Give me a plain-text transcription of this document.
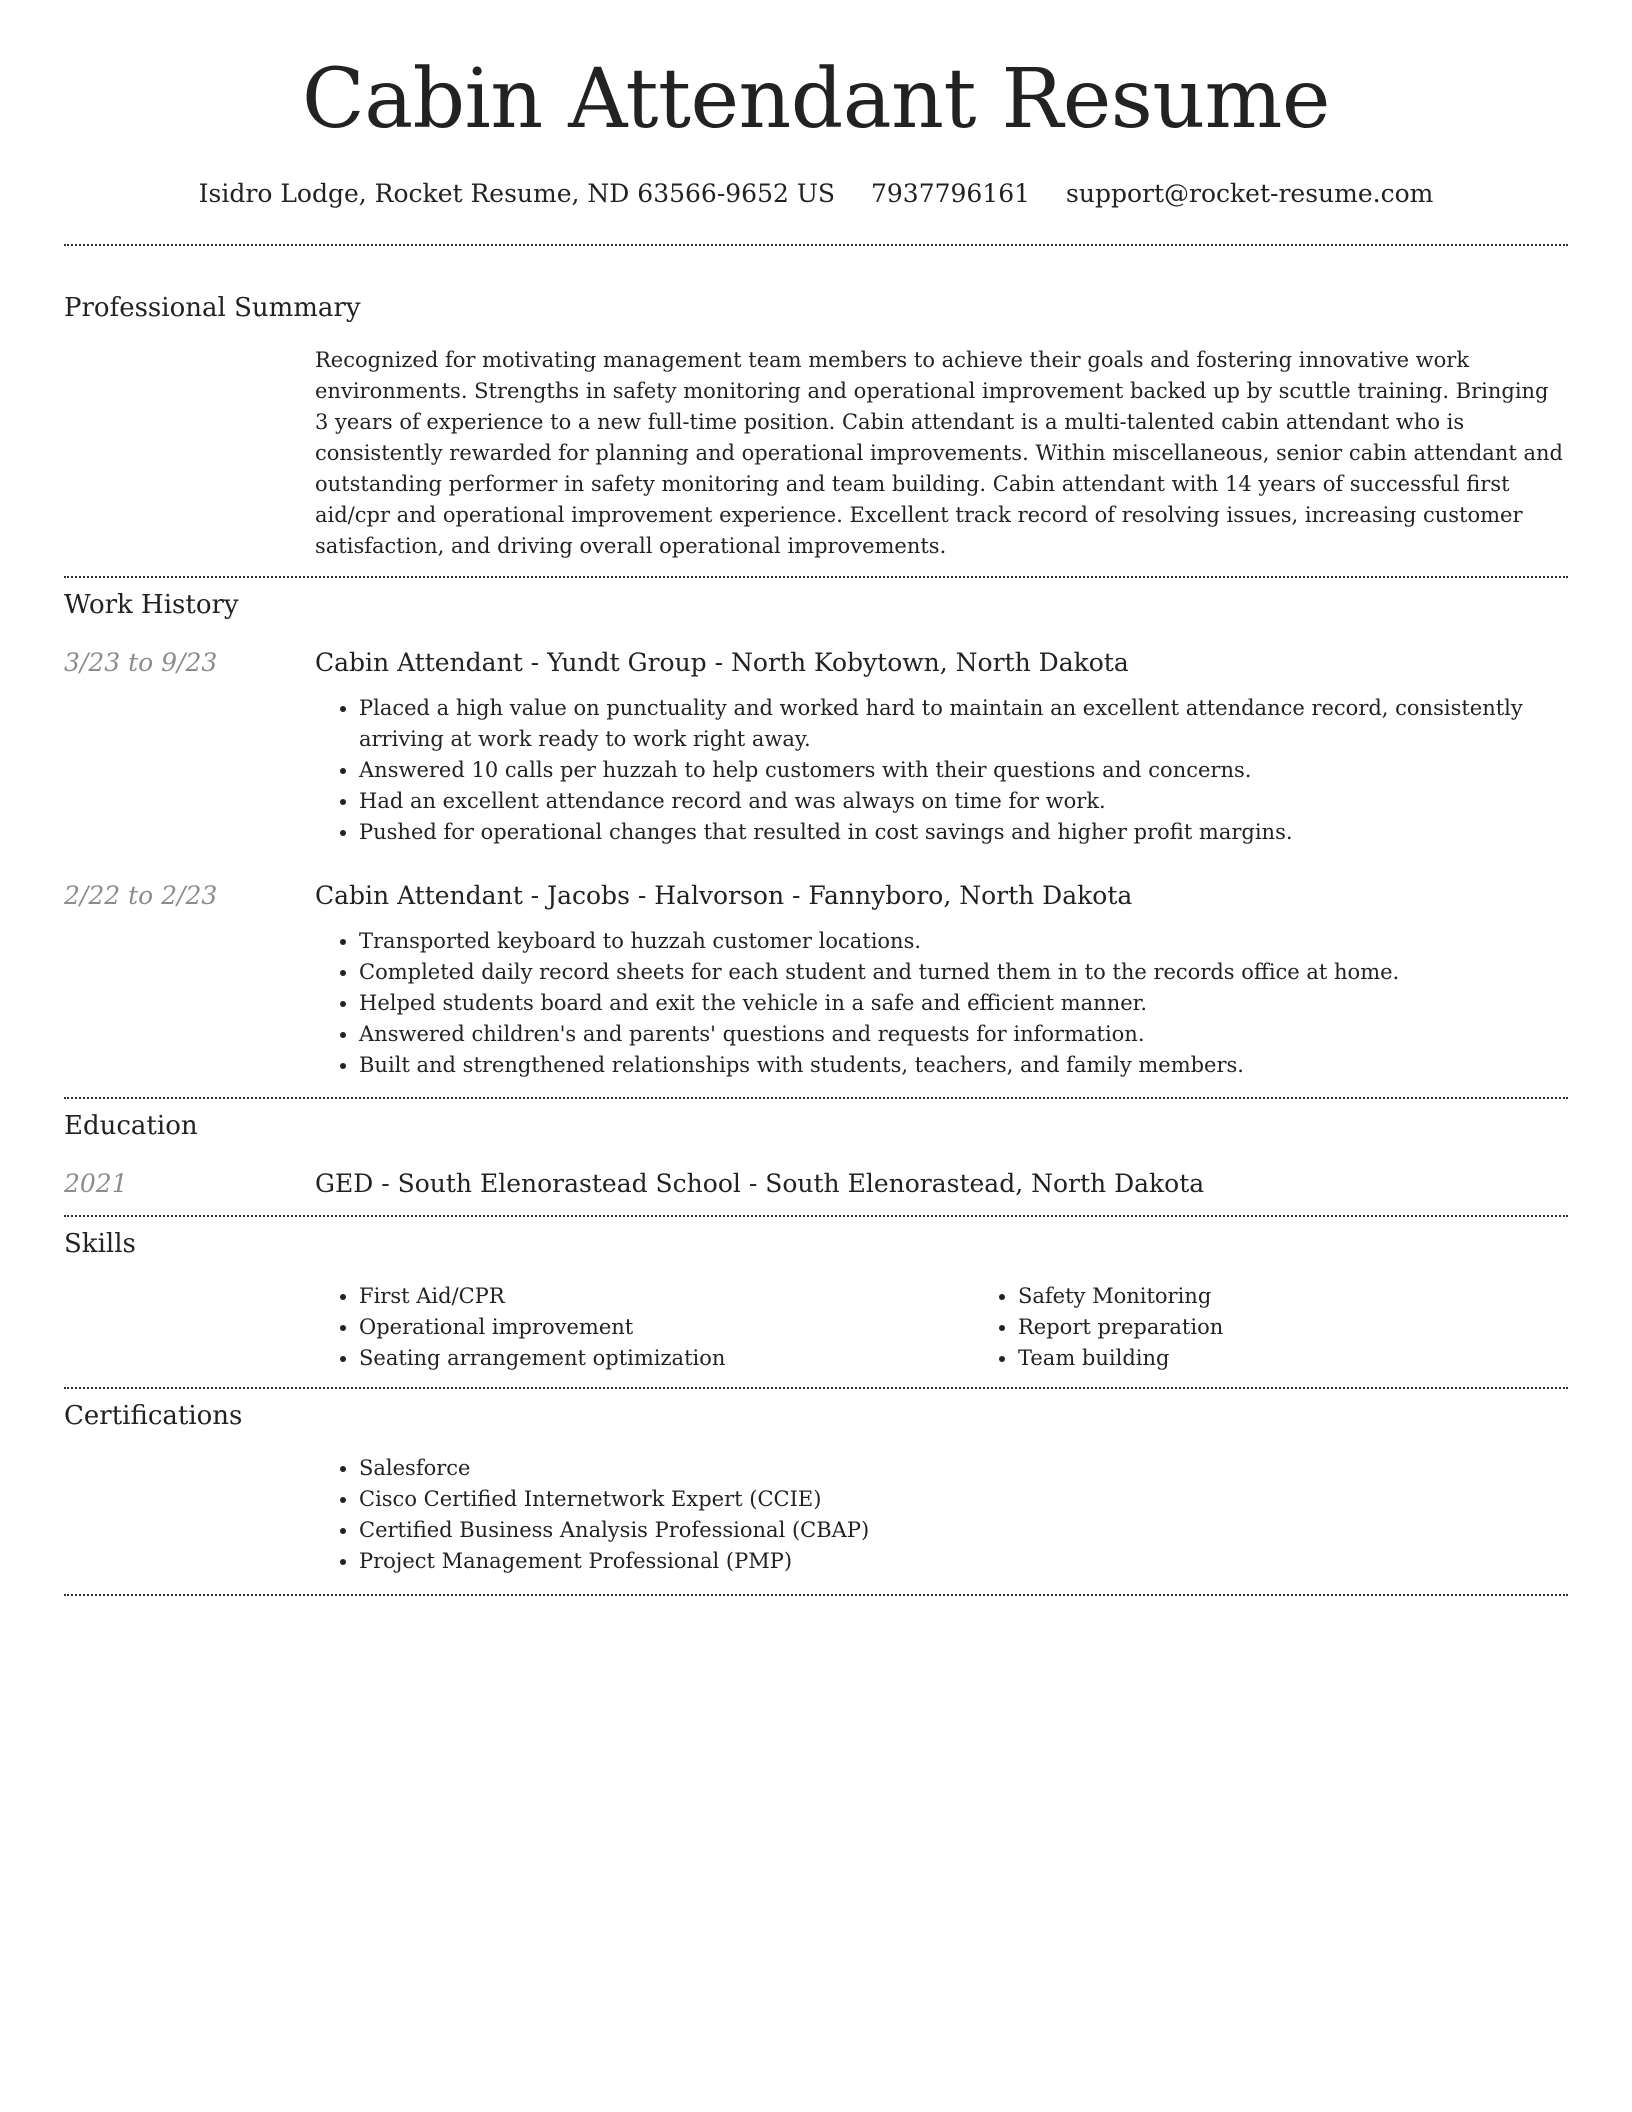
Cabin Attendant Resume
Isidro Lodge, Rocket Resume, ND 63566-9652 US 7937796161 support@rocket-resume.com
Professional Summary

Recognized for motivating management team members to achieve their goals and fostering innovative work environments. Strengths in safety monitoring and operational improvement backed up by scuttle training. Bringing 3 years of experience to a new full-time position. Cabin attendant is a multi-talented cabin attendant who is consistently rewarded for planning and operational improvements. Within miscellaneous, senior cabin attendant and outstanding performer in safety monitoring and team building. Cabin attendant with 14 years of successful first aid/cpr and operational improvement experience. Excellent track record of resolving issues, increasing customer satisfaction, and driving overall operational improvements.

Work History
3/23 to 9/23	Cabin Attendant - Yundt Group - North Kobytown, North Dakota
• Placed a high value on punctuality and worked hard to maintain an excellent attendance record, consistently arriving at work ready to work right away.
• Answered 10 calls per huzzah to help customers with their questions and concerns.
• Had an excellent attendance record and was always on time for work.
• Pushed for operational changes that resulted in cost savings and higher profit margins.
2/22 to 2/23	Cabin Attendant - Jacobs - Halvorson - Fannyboro, North Dakota
• Transported keyboard to huzzah customer locations.
• Completed daily record sheets for each student and turned them in to the records office at home.
• Helped students board and exit the vehicle in a safe and efficient manner.
• Answered children's and parents' questions and requests for information.
• Built and strengthened relationships with students, teachers, and family members.
Education
2021	GED - South Elenorastead School - South Elenorastead, North Dakota
Skills
• First Aid/CPR
• Operational improvement
• Seating arrangement optimization
• Safety Monitoring
• Report preparation
• Team building
Certifications
• Salesforce
• Cisco Certified Internetwork Expert (CCIE)
• Certified Business Analysis Professional (CBAP)
• Project Management Professional (PMP)
